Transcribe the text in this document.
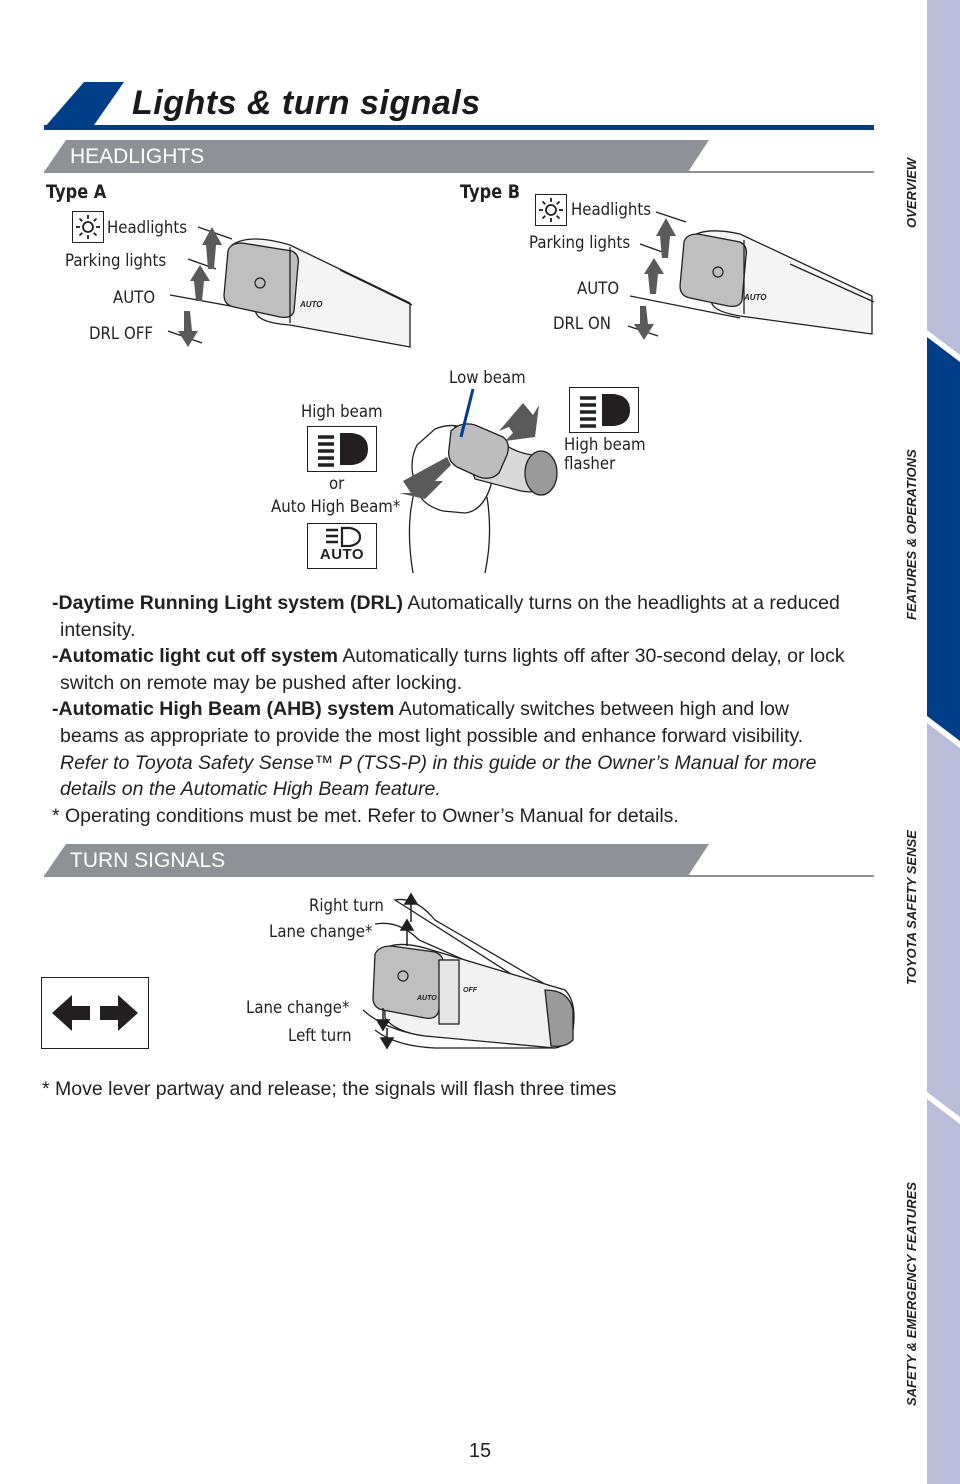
Lights & turn signals
HEADLIGHTS
Type A
Headlights
Parking lights
AUTO
DRL OFF
AUTO
Type B
Headlights
Parking lights
AUTO
DRL ON
AUTO
Low beam
High beam
or
Auto High Beam*
AUTO
High beam
flasher

-Daytime Running Light system (DRL) Automatically turns on the headlights at a reduced intensity.

-Automatic light cut off system Automatically turns lights off after 30-second delay, or lock switch on remote may be pushed after locking.

-Automatic High Beam (AHB) system Automatically switches between high and low beams as appropriate to provide the most light possible and enhance forward visibility. Refer to Toyota Safety Sense™ P (TSS-P) in this guide or the Owner’s Manual for more details on the Automatic High Beam feature.

* Operating conditions must be met. Refer to Owner’s Manual for details.

TURN SIGNALS
Right turn
Lane change*
Lane change*
Left turn
AUTO
OFF
* Move lever partway and release; the signals will flash three times
15
OVERVIEW
FEATURES & OPERATIONS
TOYOTA SAFETY SENSE
SAFETY & EMERGENCY FEATURES
